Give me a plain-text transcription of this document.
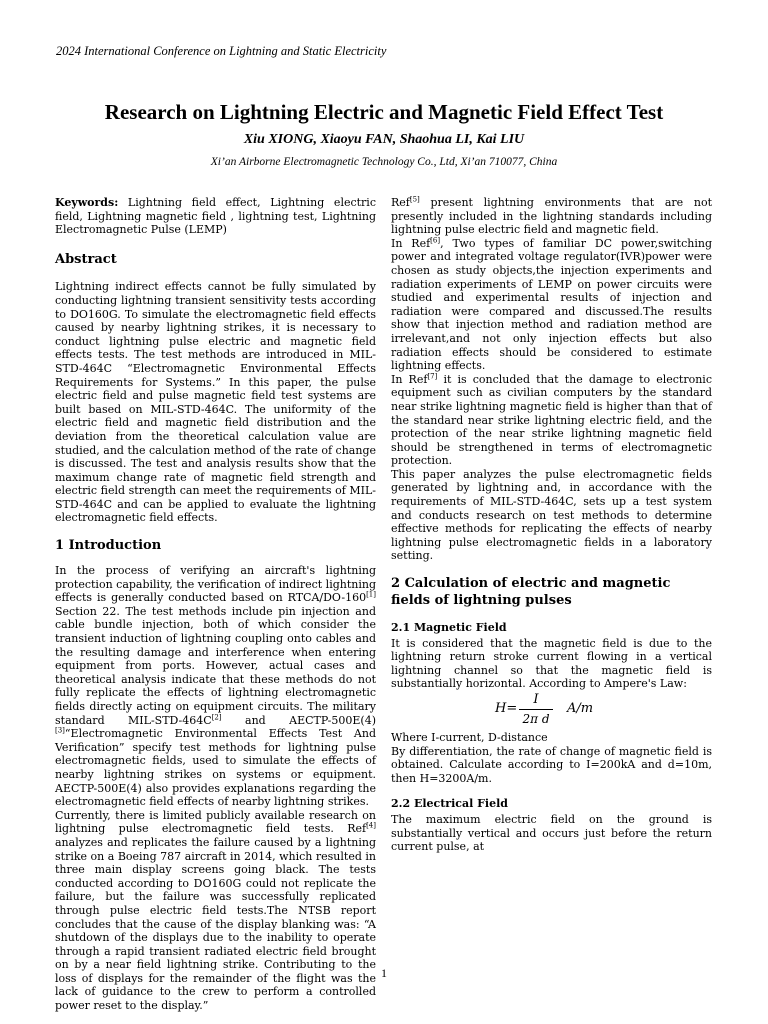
2024 International Conference on Lightning and Static Electricity
Research on Lightning Electric and Magnetic Field Effect Test
Xiu XIONG, Xiaoyu FAN, Shaohua LI, Kai LIU
Xi’an Airborne Electromagnetic Technology Co., Ltd, Xi’an 710077, China

Keywords: Lightning field effect, Lightning electric field, Lightning magnetic field , lightning test, Lightning Electromagnetic Pulse (LEMP)

Abstract

Lightning indirect effects cannot be fully simulated by conducting lightning transient sensitivity tests according to DO160G. To simulate the electromagnetic field effects caused by nearby lightning strikes, it is necessary to conduct lightning pulse electric and magnetic field effects tests. The test methods are introduced in MIL-STD-464C “Electromagnetic Environmental Effects Requirements for Systems.” In this paper, the pulse electric field and pulse magnetic field test systems are built based on MIL-STD-464C. The uniformity of the electric field and magnetic field distribution and the deviation from the theoretical calculation value are studied, and the calculation method of the rate of change is discussed. The test and analysis results show that the maximum change rate of magnetic field strength and electric field strength can meet the requirements of MIL-STD-464C and can be applied to evaluate the lightning electromagnetic field effects.

1 Introduction

In the process of verifying an aircraft's lightning protection capability, the verification of indirect lightning effects is generally conducted based on RTCA/DO-160[1] Section 22. The test methods include pin injection and cable bundle injection, both of which consider the transient induction of lightning coupling onto cables and the resulting damage and interference when entering equipment from ports. However, actual cases and theoretical analysis indicate that these methods do not fully replicate the effects of lightning electromagnetic fields directly acting on equipment circuits. The military standard MIL-STD-464C[2] and AECTP-500E(4) [3]“Electromagnetic Environmental Effects Test And Verification” specify test methods for lightning pulse electromagnetic fields, used to simulate the effects of nearby lightning strikes on systems or equipment. AECTP-500E(4) also provides explanations regarding the electromagnetic field effects of nearby lightning strikes.

Currently, there is limited publicly available research on lightning pulse electromagnetic field tests. Ref[4] analyzes and replicates the failure caused by a lightning strike on a Boeing 787 aircraft in 2014, which resulted in three main display screens going black. The tests conducted according to DO160G could not replicate the failure, but the failure was successfully replicated through pulse electric field tests.The NTSB report concludes that the cause of the display blanking was: “A shutdown of the displays due to the inability to operate through a rapid transient radiated electric field brought on by a near field lightning strike. Contributing to the loss of displays for the remainder of the flight was the lack of guidance to the crew to perform a controlled power reset to the display.”

Ref[5] present lightning environments that are not presently included in the lightning standards including lightning pulse electric field and magnetic field.

In Ref[6], Two types of familiar DC power,switching power and integrated voltage regulator(IVR)power were chosen as study objects,the injection experiments and radiation experiments of LEMP on power circuits were studied and experimental results of injection and radiation were compared and discussed.The results show that injection method and radiation method are irrelevant,and not only injection effects but also radiation effects should be considered to estimate lightning effects.

In Ref[7] it is concluded that the damage to electronic equipment such as civilian computers by the standard near strike lightning magnetic field is higher than that of the standard near strike lightning electric field, and the protection of the near strike lightning magnetic field should be strengthened in terms of electromagnetic protection.

This paper analyzes the pulse electromagnetic fields generated by lightning and, in accordance with the requirements of MIL-STD-464C, sets up a test system and conducts research on test methods to determine effective methods for replicating the effects of nearby lightning pulse electromagnetic fields in a laboratory setting.

2 Calculation of electric and magnetic fields of lightning pulses

2.1 Magnetic Field

It is considered that the magnetic field is due to the lightning return stroke current flowing in a vertical lightning channel so that the magnetic field is substantially horizontal. According to Ampere's Law:

H=
I
2π d
A/m

Where I-current, D-distance

By differentiation, the rate of change of magnetic field is obtained. Calculate according to I=200kA and d=10m, then H=3200A/m.

2.2 Electrical Field

The maximum electric field on the ground is substantially vertical and occurs just before the return current pulse, at

1
